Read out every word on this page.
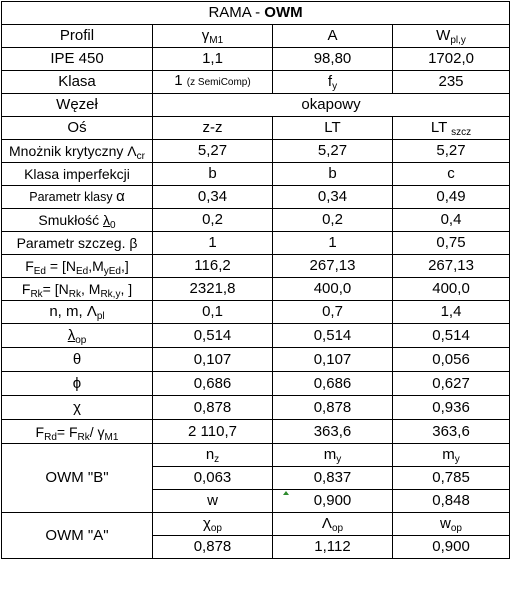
RAMA - OWM			
Profil	$\gamma_{M1}$	A	$W_{pl,y}$
IPE 450	1,1	98,80	1702,0
Klasa	1 (z SemiComp)	$f_y$	235
Węzeł	okapowy		
Oś	z-z	LT	LT $_{szcz}$
Mnożnik krytyczny $\Lambda_{cr}$	5,27	5,27	5,27
Klasa imperfekcji	b	b	c
Parametr klasy α	0,34	0,34	0,49
Smukłość $\lambda_0$	0,2	0,2	0,4
Parametr szczeg. β	1	1	0,75
$F_{Ed} = [N_{Ed},M_{yEd},]$	116,2	267,13	267,13
$F_{Rk}= [N_{Rk}$, $M_{Rk,y}$, ]	2321,8	400,0	400,0
n, m, $\Lambda_{pl}$	0,1	0,7	1,4
$\lambda_{op}$	0,514	0,514	0,514
θ	0,107	0,107	0,056
ϕ	0,686	0,686	0,627
χ	0,878	0,878	0,936
$F_{Rd}= F_{Rk}/$ $\gamma_{M1}$	2 110,7	363,6	363,6
OWM "B"	$n_z$	$m_y$	$m_y$
	0,063	0,837	0,785
	w	0,900	0,848
OWM "A"	$\chi_{op}$	$\Lambda_{op}$	$w_{op}$
	0,878	1,112	0,900
